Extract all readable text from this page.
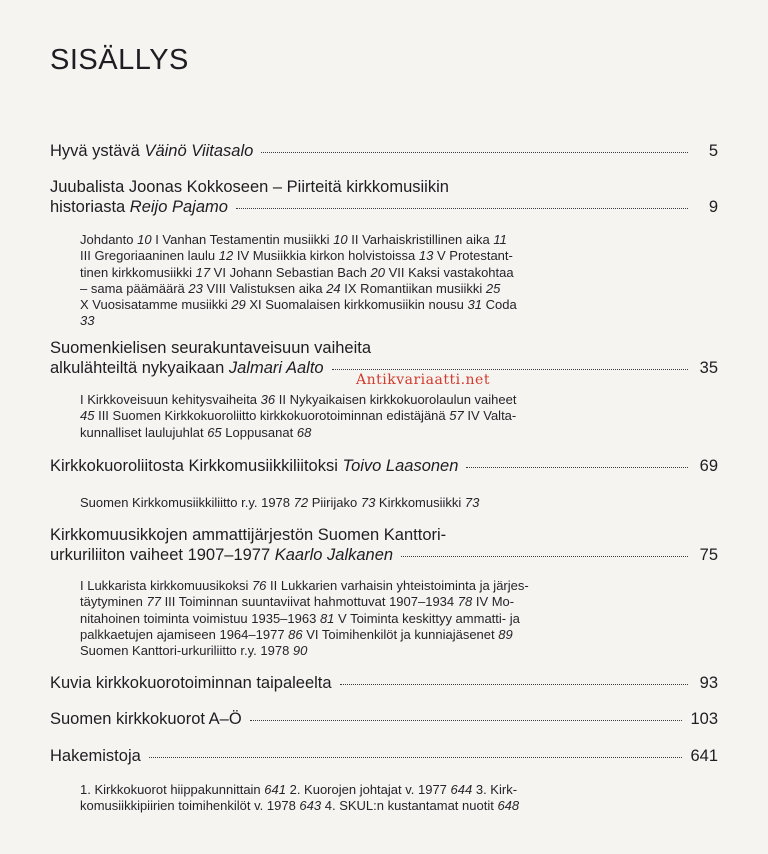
SISÄLLYS
Hyvä ystävä Väinö Viitasalo	5
Juubalista Joonas Kokkoseen – Piirteitä kirkkomusiikin
historiasta Reijo Pajamo	9
Johdanto 10 I Vanhan Testamentin musiikki 10 II Varhaiskristillinen aika 11
III Gregoriaaninen laulu 12 IV Musiikkia kirkon holvistoissa 13 V Protestant-
tinen kirkkomusiikki 17 VI Johann Sebastian Bach 20 VII Kaksi vastakohtaa
– sama päämäärä 23 VIII Valistuksen aika 24 IX Romantiikan musiikki 25
X Vuosisatamme musiikki 29 XI Suomalaisen kirkkomusiikin nousu 31 Coda
33
Suomenkielisen seurakuntaveisuun vaiheita
alkulähteiltä nykyaikaan Jalmari Aalto	35
Antikvariaatti.net
I Kirkkoveisuun kehitysvaiheita 36 II Nykyaikaisen kirkkokuorolaulun vaiheet
45 III Suomen Kirkkokuoroliitto kirkkokuorotoiminnan edistäjänä 57 IV Valta-
kunnalliset laulujuhlat 65 Loppusanat 68
Kirkkokuoroliitosta Kirkkomusiikkiliitoksi Toivo Laasonen	69
Suomen Kirkkomusiikkiliitto r.y. 1978 72 Piirijako 73 Kirkkomusiikki 73
Kirkkomuusikkojen ammattijärjestön Suomen Kanttori-
urkuriliiton vaiheet 1907–1977 Kaarlo Jalkanen	75
I Lukkarista kirkkomuusikoksi 76 II Lukkarien varhaisin yhteistoiminta ja järjes-
täytyminen 77 III Toiminnan suuntaviivat hahmottuvat 1907–1934 78 IV Mo-
nitahoinen toiminta voimistuu 1935–1963 81 V Toiminta keskittyy ammatti- ja
palkkaetujen ajamiseen 1964–1977 86 VI Toimihenkilöt ja kunniajäsenet 89
Suomen Kanttori-urkuriliitto r.y. 1978 90
Kuvia kirkkokuorotoiminnan taipaleelta	93
Suomen kirkkokuorot A–Ö	103
Hakemistoja	641
1. Kirkkokuorot hiippakunnittain 641 2. Kuorojen johtajat v. 1977 644 3. Kirk-
komusiikkipiirien toimihenkilöt v. 1978 643 4. SKUL:n kustantamat nuotit 648
